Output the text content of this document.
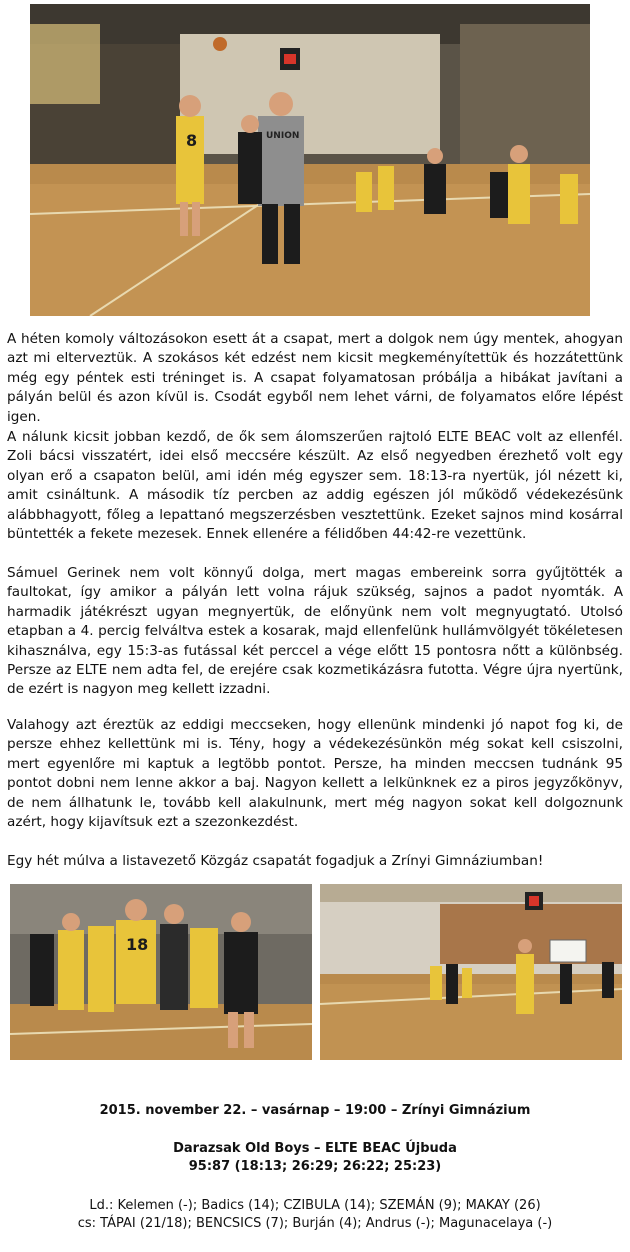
8	UNION

A héten komoly változásokon esett át a csapat, mert a dolgok nem úgy mentek, ahogyan azt mi elterveztük. A szokásos két edzést nem kicsit megkeményítettük és hozzátettünk még egy péntek esti tréninget is. A csapat folyamatosan próbálja a hibákat javítani a pályán belül és azon kívül is. Csodát egyből nem lehet várni, de folyamatos előre lépést igen.

A nálunk kicsit jobban kezdő, de ők sem álomszerűen rajtoló ELTE BEAC volt az ellenfél. Zoli bácsi visszatért, idei első meccsére készült. Az első negyedben érezhető volt egy olyan erő a csapaton belül, ami idén még egyszer sem. 18:13-ra nyertük, jól nézett ki, amit csináltunk. A második tíz percben az addig egészen jól működő védekezésünk alábbhagyott, főleg a lepattanó megszerzésben vesztettünk. Ezeket sajnos mind kosárral büntették a fekete mezesek. Ennek ellenére a félidőben 44:42-re vezettünk.

Sámuel Gerinek nem volt könnyű dolga, mert magas embereink sorra gyűjtötték a faultokat, így amikor a pályán lett volna rájuk szükség, sajnos a padot nyomták. A harmadik játékrészt ugyan megnyertük, de előnyünk nem volt megnyugtató. Utolsó etapban a 4. percig felváltva estek a kosarak, majd ellenfelünk hullámvölgyét tökéletesen kihasználva, egy 15:3-as futással két perccel a vége előtt 15 pontosra nőtt a különbség. Persze az ELTE nem adta fel, de erejére csak kozmetikázásra futotta. Végre újra nyertünk, de ezért is nagyon meg kellett izzadni.

Valahogy azt éreztük az eddigi meccseken, hogy ellenünk mindenki jó napot fog ki, de persze ehhez kellettünk mi is. Tény, hogy a védekezésünkön még sokat kell csiszolni, mert egyenlőre mi kaptuk a legtöbb pontot. Persze, ha minden meccsen tudnánk 95 pontot dobni nem lenne akkor a baj. Nagyon kellett a lelkünknek ez a piros jegyzőkönyv, de nem állhatunk le, tovább kell alakulnunk, mert még nagyon sokat kell dolgoznunk azért, hogy kijavítsuk ezt a szezonkezdést.

Egy hét múlva a listavezető Közgáz csapatát fogadjuk a Zrínyi Gimnáziumban!

18
2015. november 22. – vasárnap – 19:00 – Zrínyi Gimnázium
Darazsak Old Boys – ELTE BEAC Újbuda
95:87 (18:13; 26:29; 26:22; 25:23)
Ld.: Kelemen (-); Badics (14); CZIBULA (14); SZEMÁN (9); MAKAY (26)
cs: TÁPAI (21/18); BENCSICS (7); Burján (4); Andrus (-); Magunacelaya (-)
